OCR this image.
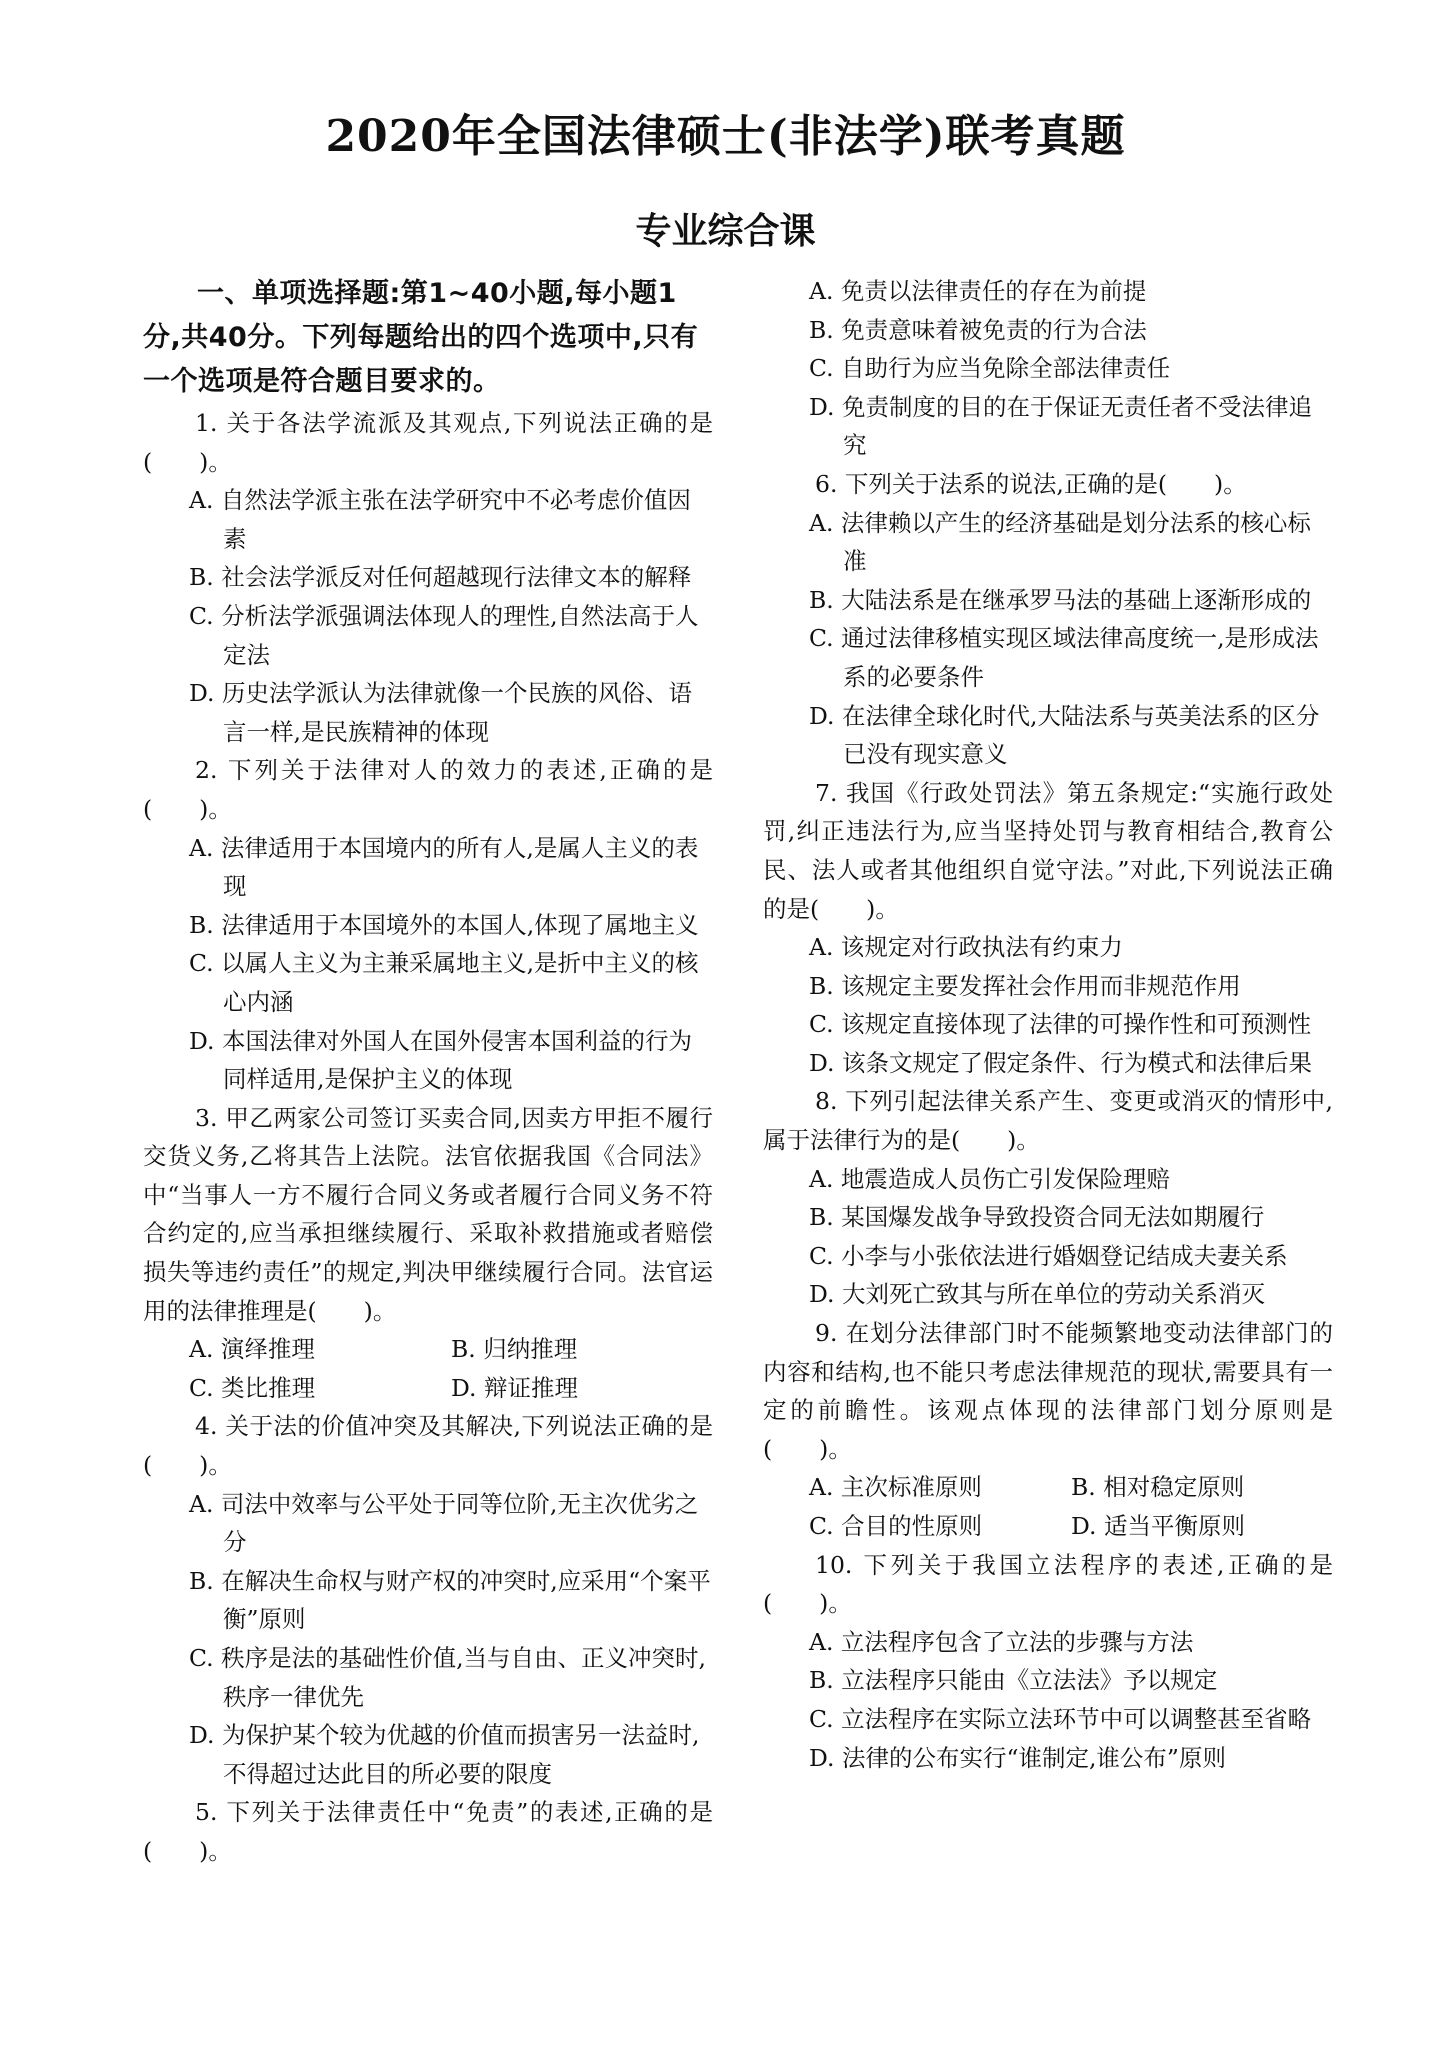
2020年全国法律硕士(非法学)联考真题
专业综合课
一、单项选择题:第1~40小题,每小题1分,共40分。下列每题给出的四个选项中,只有一个选项是符合题目要求的。
1. 关于各法学流派及其观点,下列说法正确的是(　　)。
A. 自然法学派主张在法学研究中不必考虑价值因素
B. 社会法学派反对任何超越现行法律文本的解释
C. 分析法学派强调法体现人的理性,自然法高于人定法
D. 历史法学派认为法律就像一个民族的风俗、语言一样,是民族精神的体现
2. 下列关于法律对人的效力的表述,正确的是(　　)。
A. 法律适用于本国境内的所有人,是属人主义的表现
B. 法律适用于本国境外的本国人,体现了属地主义
C. 以属人主义为主兼采属地主义,是折中主义的核心内涵
D. 本国法律对外国人在国外侵害本国利益的行为同样适用,是保护主义的体现
3. 甲乙两家公司签订买卖合同,因卖方甲拒不履行交货义务,乙将其告上法院。法官依据我国《合同法》中“当事人一方不履行合同义务或者履行合同义务不符合约定的,应当承担继续履行、采取补救措施或者赔偿损失等违约责任”的规定,判决甲继续履行合同。法官运用的法律推理是(　　)。
A. 演绎推理	B. 归纳推理
C. 类比推理	D. 辩证推理
4. 关于法的价值冲突及其解决,下列说法正确的是(　　)。
A. 司法中效率与公平处于同等位阶,无主次优劣之分
B. 在解决生命权与财产权的冲突时,应采用“个案平衡”原则
C. 秩序是法的基础性价值,当与自由、正义冲突时,秩序一律优先
D. 为保护某个较为优越的价值而损害另一法益时,不得超过达此目的所必要的限度
5. 下列关于法律责任中“免责”的表述,正确的是(　　)。
A. 免责以法律责任的存在为前提
B. 免责意味着被免责的行为合法
C. 自助行为应当免除全部法律责任
D. 免责制度的目的在于保证无责任者不受法律追究
6. 下列关于法系的说法,正确的是(　　)。
A. 法律赖以产生的经济基础是划分法系的核心标准
B. 大陆法系是在继承罗马法的基础上逐渐形成的
C. 通过法律移植实现区域法律高度统一,是形成法系的必要条件
D. 在法律全球化时代,大陆法系与英美法系的区分已没有现实意义
7. 我国《行政处罚法》第五条规定:“实施行政处罚,纠正违法行为,应当坚持处罚与教育相结合,教育公民、法人或者其他组织自觉守法。”对此,下列说法正确的是(　　)。
A. 该规定对行政执法有约束力
B. 该规定主要发挥社会作用而非规范作用
C. 该规定直接体现了法律的可操作性和可预测性
D. 该条文规定了假定条件、行为模式和法律后果
8. 下列引起法律关系产生、变更或消灭的情形中,属于法律行为的是(　　)。
A. 地震造成人员伤亡引发保险理赔
B. 某国爆发战争导致投资合同无法如期履行
C. 小李与小张依法进行婚姻登记结成夫妻关系
D. 大刘死亡致其与所在单位的劳动关系消灭
9. 在划分法律部门时不能频繁地变动法律部门的内容和结构,也不能只考虑法律规范的现状,需要具有一定的前瞻性。该观点体现的法律部门划分原则是(　　)。
A. 主次标准原则	B. 相对稳定原则
C. 合目的性原则	D. 适当平衡原则
10. 下列关于我国立法程序的表述,正确的是(　　)。
A. 立法程序包含了立法的步骤与方法
B. 立法程序只能由《立法法》予以规定
C. 立法程序在实际立法环节中可以调整甚至省略
D. 法律的公布实行“谁制定,谁公布”原则
